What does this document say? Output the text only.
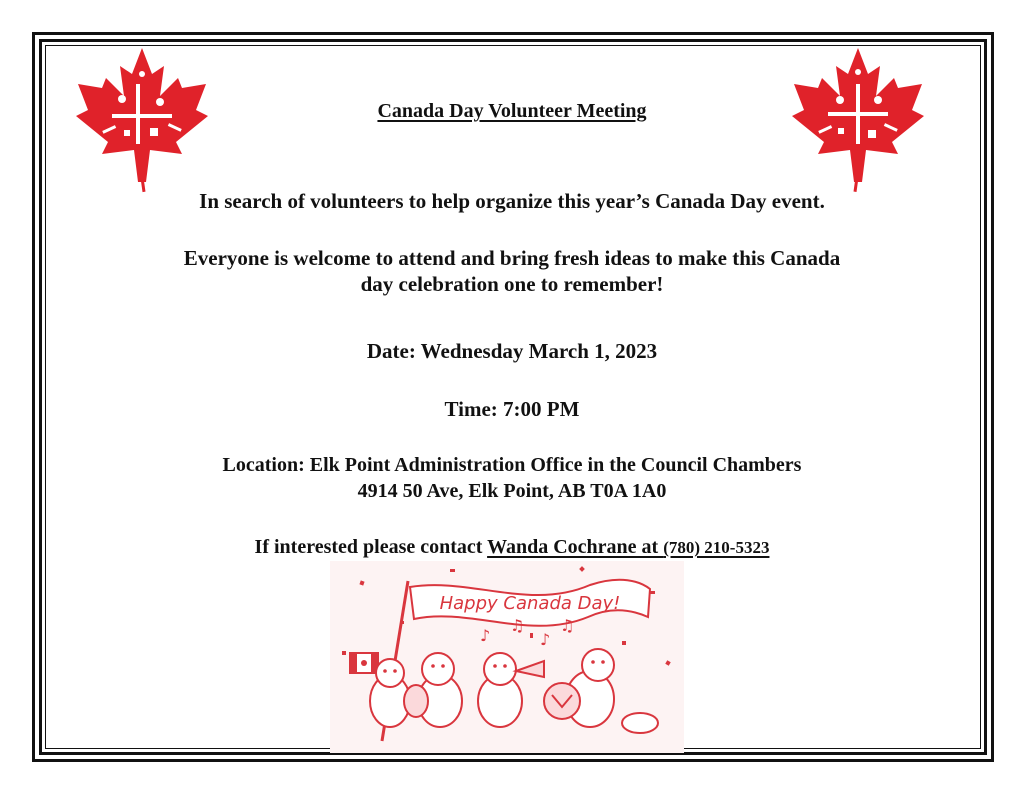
Canada Day Volunteer Meeting
In search of volunteers to help organize this year’s Canada Day event.
Everyone is welcome to attend and bring fresh ideas to make this Canada
day celebration one to remember!
Date: Wednesday March 1, 2023
Time: 7:00 PM
Location: Elk Point Administration Office in the Council Chambers
4914 50 Ave, Elk Point, AB T0A 1A0
If interested please contact Wanda Cochrane at (780) 210-5323
Happy Canada Day!
♪
♫
♪
♫
